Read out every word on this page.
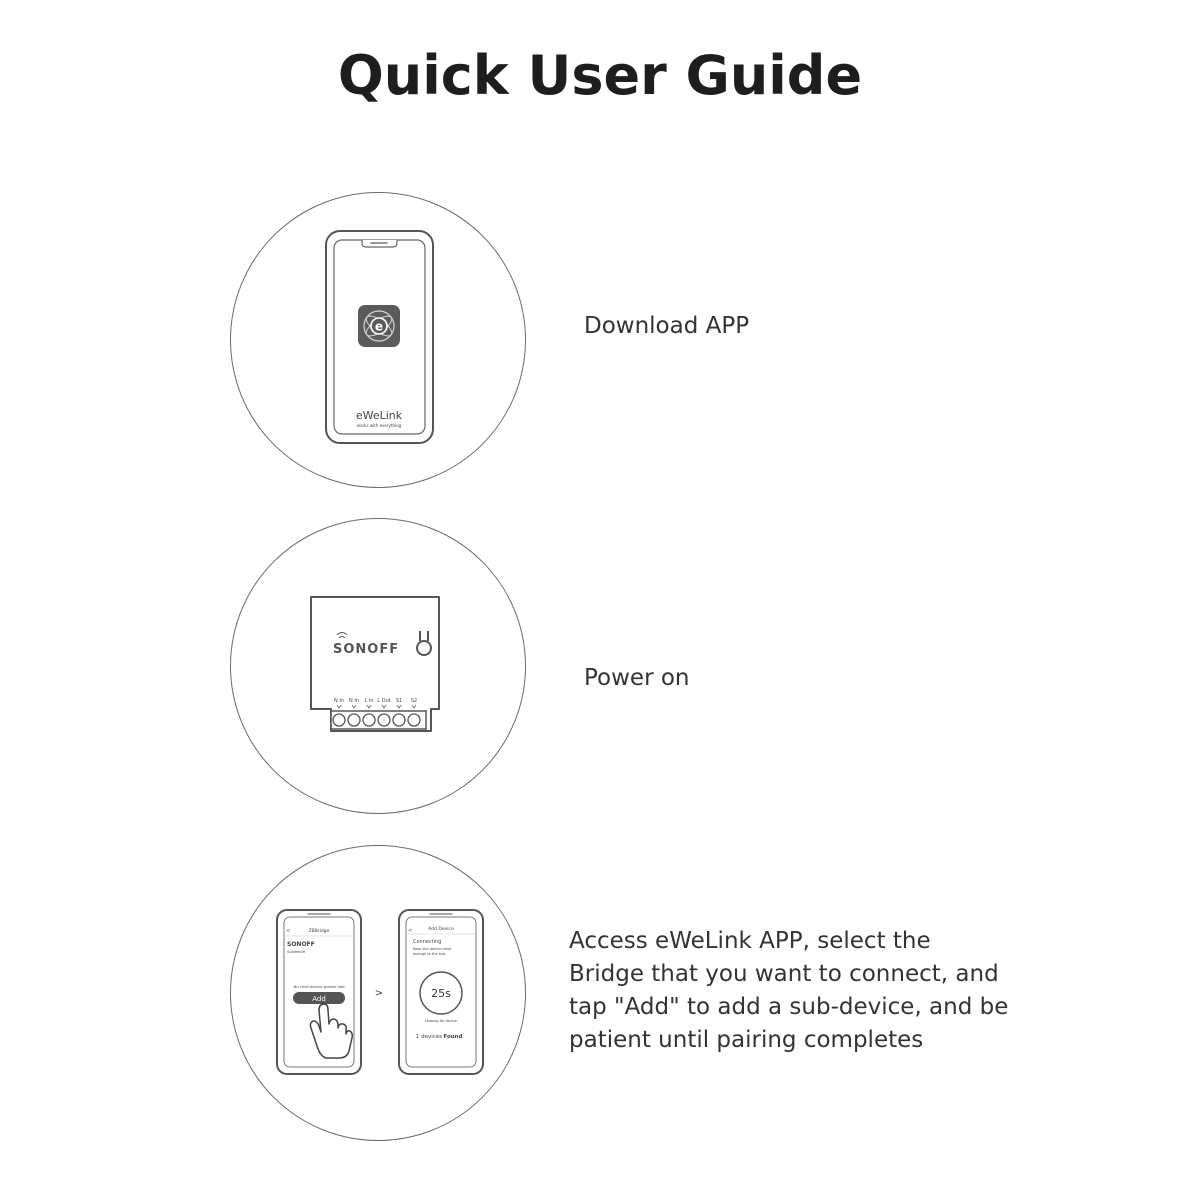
Quick User Guide
e
eWeLink
works with everything
Download APP
SONOFF
N In N In L In L Out S1 S2
Power on
<	ZBBridge
SONOFF
Subdevice
No child device please add
Add	>
<	Add Device
Connecting
Keep the device close
enough to the hub
25s
Looking for device
1 devices Found
Access eWeLink APP, select the
Bridge that you want to connect, and
tap "Add" to add a sub-device, and be
patient until pairing completes
